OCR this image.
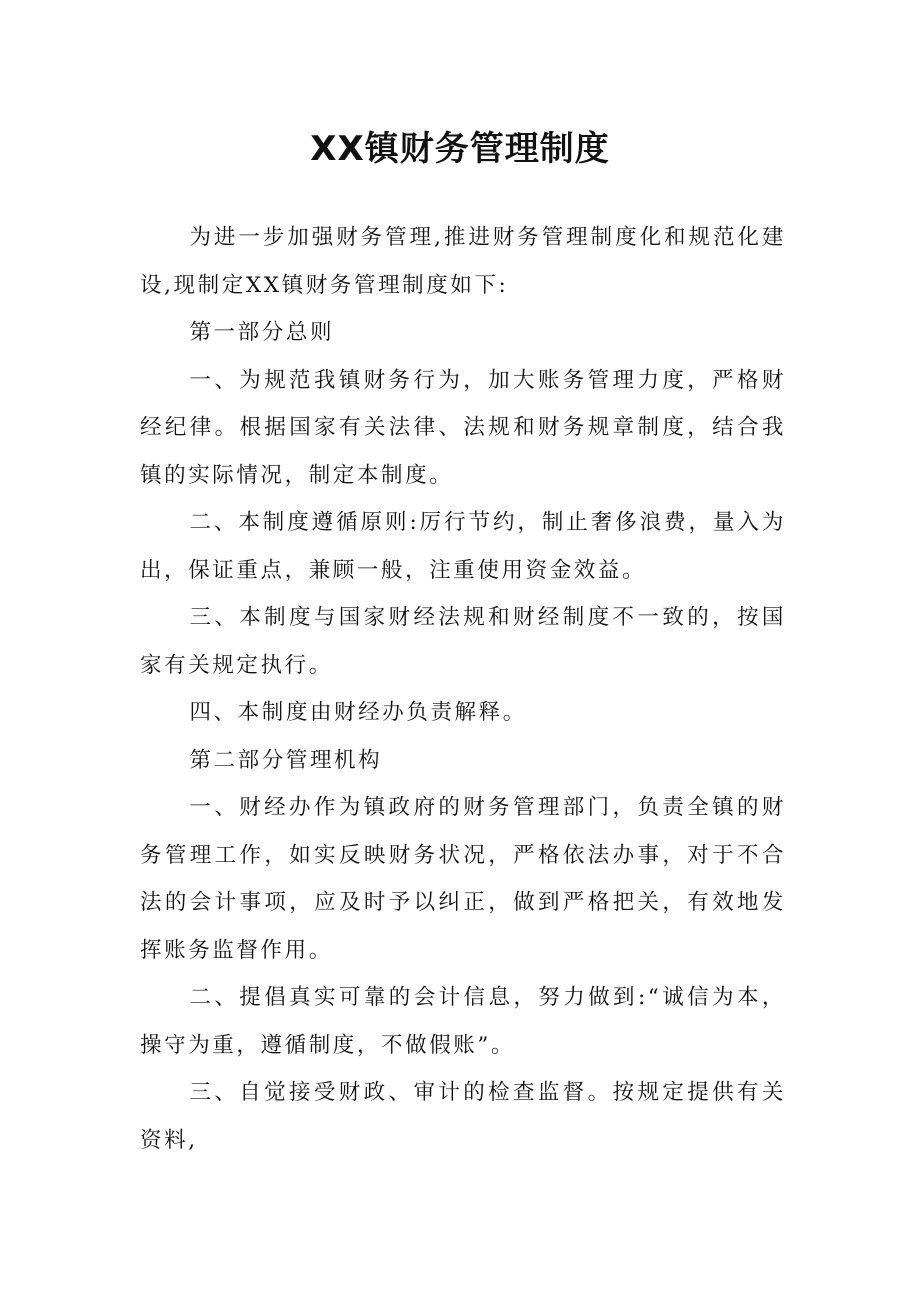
XX镇财务管理制度

为进一步加强财务管理,推进财务管理制度化和规范化建设,现制定XX镇财务管理制度如下:

第一部分总则

一、为规范我镇财务行为，加大账务管理力度，严格财经纪律。根据国家有关法律、法规和财务规章制度，结合我镇的实际情况，制定本制度。

二、本制度遵循原则:厉行节约，制止奢侈浪费，量入为出，保证重点，兼顾一般，注重使用资金效益。

三、本制度与国家财经法规和财经制度不一致的，按国家有关规定执行。

四、本制度由财经办负责解释。

第二部分管理机构

一、财经办作为镇政府的财务管理部门，负责全镇的财务管理工作，如实反映财务状况，严格依法办事，对于不合法的会计事项，应及时予以纠正，做到严格把关，有效地发挥账务监督作用。

二、提倡真实可靠的会计信息，努力做到:“诚信为本，操守为重，遵循制度，不做假账”。

三、自觉接受财政、审计的检查监督。按规定提供有关资料,
